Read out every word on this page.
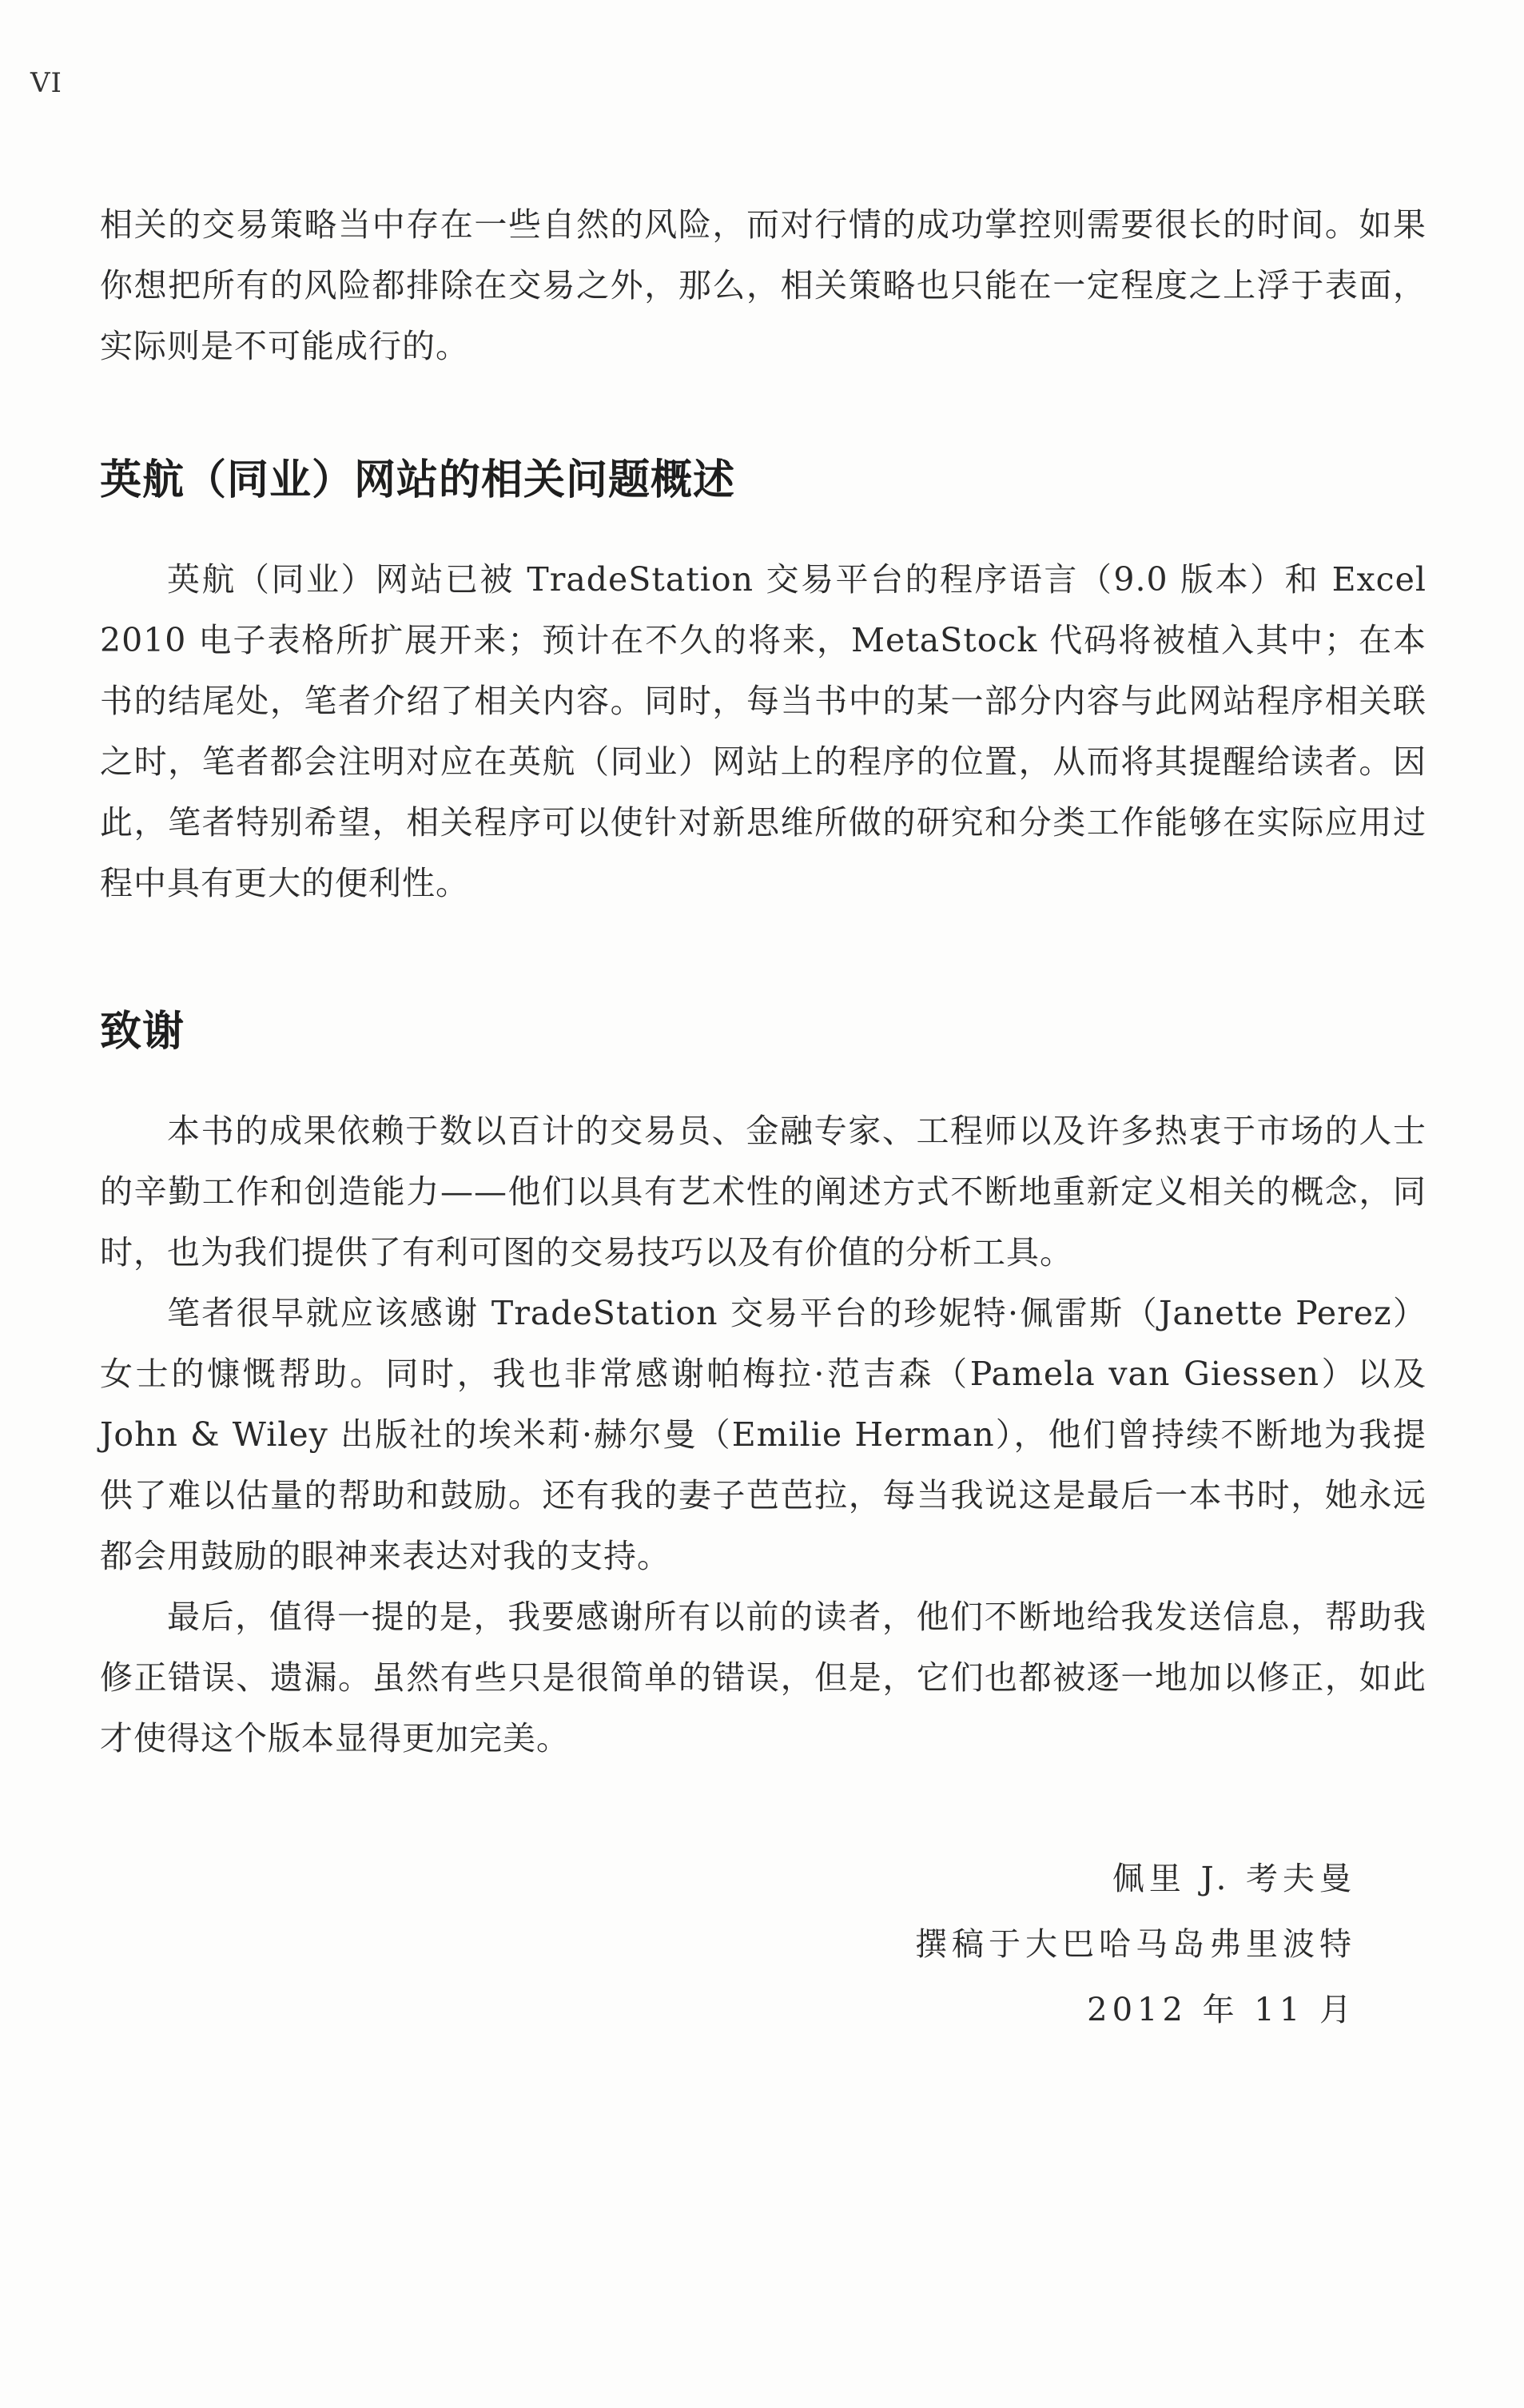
VI

相关的交易策略当中存在一些自然的风险，而对行情的成功掌控则需要很长的时间。如果你想把所有的风险都排除在交易之外，那么，相关策略也只能在一定程度之上浮于表面，实际则是不可能成行的。

英航（同业）网站的相关问题概述

英航（同业）网站已被 TradeStation 交易平台的程序语言（9.0 版本）和 Excel 2010 电子表格所扩展开来；预计在不久的将来，MetaStock 代码将被植入其中；在本书的结尾处，笔者介绍了相关内容。同时，每当书中的某一部分内容与此网站程序相关联之时，笔者都会注明对应在英航（同业）网站上的程序的位置，从而将其提醒给读者。因此，笔者特别希望，相关程序可以使针对新思维所做的研究和分类工作能够在实际应用过程中具有更大的便利性。

致谢

本书的成果依赖于数以百计的交易员、金融专家、工程师以及许多热衷于市场的人士的辛勤工作和创造能力——他们以具有艺术性的阐述方式不断地重新定义相关的概念，同时，也为我们提供了有利可图的交易技巧以及有价值的分析工具。

笔者很早就应该感谢 TradeStation 交易平台的珍妮特·佩雷斯（Janette Perez）女士的慷慨帮助。同时，我也非常感谢帕梅拉·范吉森（Pamela van Giessen）以及 John & Wiley 出版社的埃米莉·赫尔曼（Emilie Herman），他们曾持续不断地为我提供了难以估量的帮助和鼓励。还有我的妻子芭芭拉，每当我说这是最后一本书时，她永远都会用鼓励的眼神来表达对我的支持。

最后，值得一提的是，我要感谢所有以前的读者，他们不断地给我发送信息，帮助我修正错误、遗漏。虽然有些只是很简单的错误，但是，它们也都被逐一地加以修正，如此才使得这个版本显得更加完美。

佩里 J. 考夫曼
撰稿于大巴哈马岛弗里波特
2012 年 11 月
